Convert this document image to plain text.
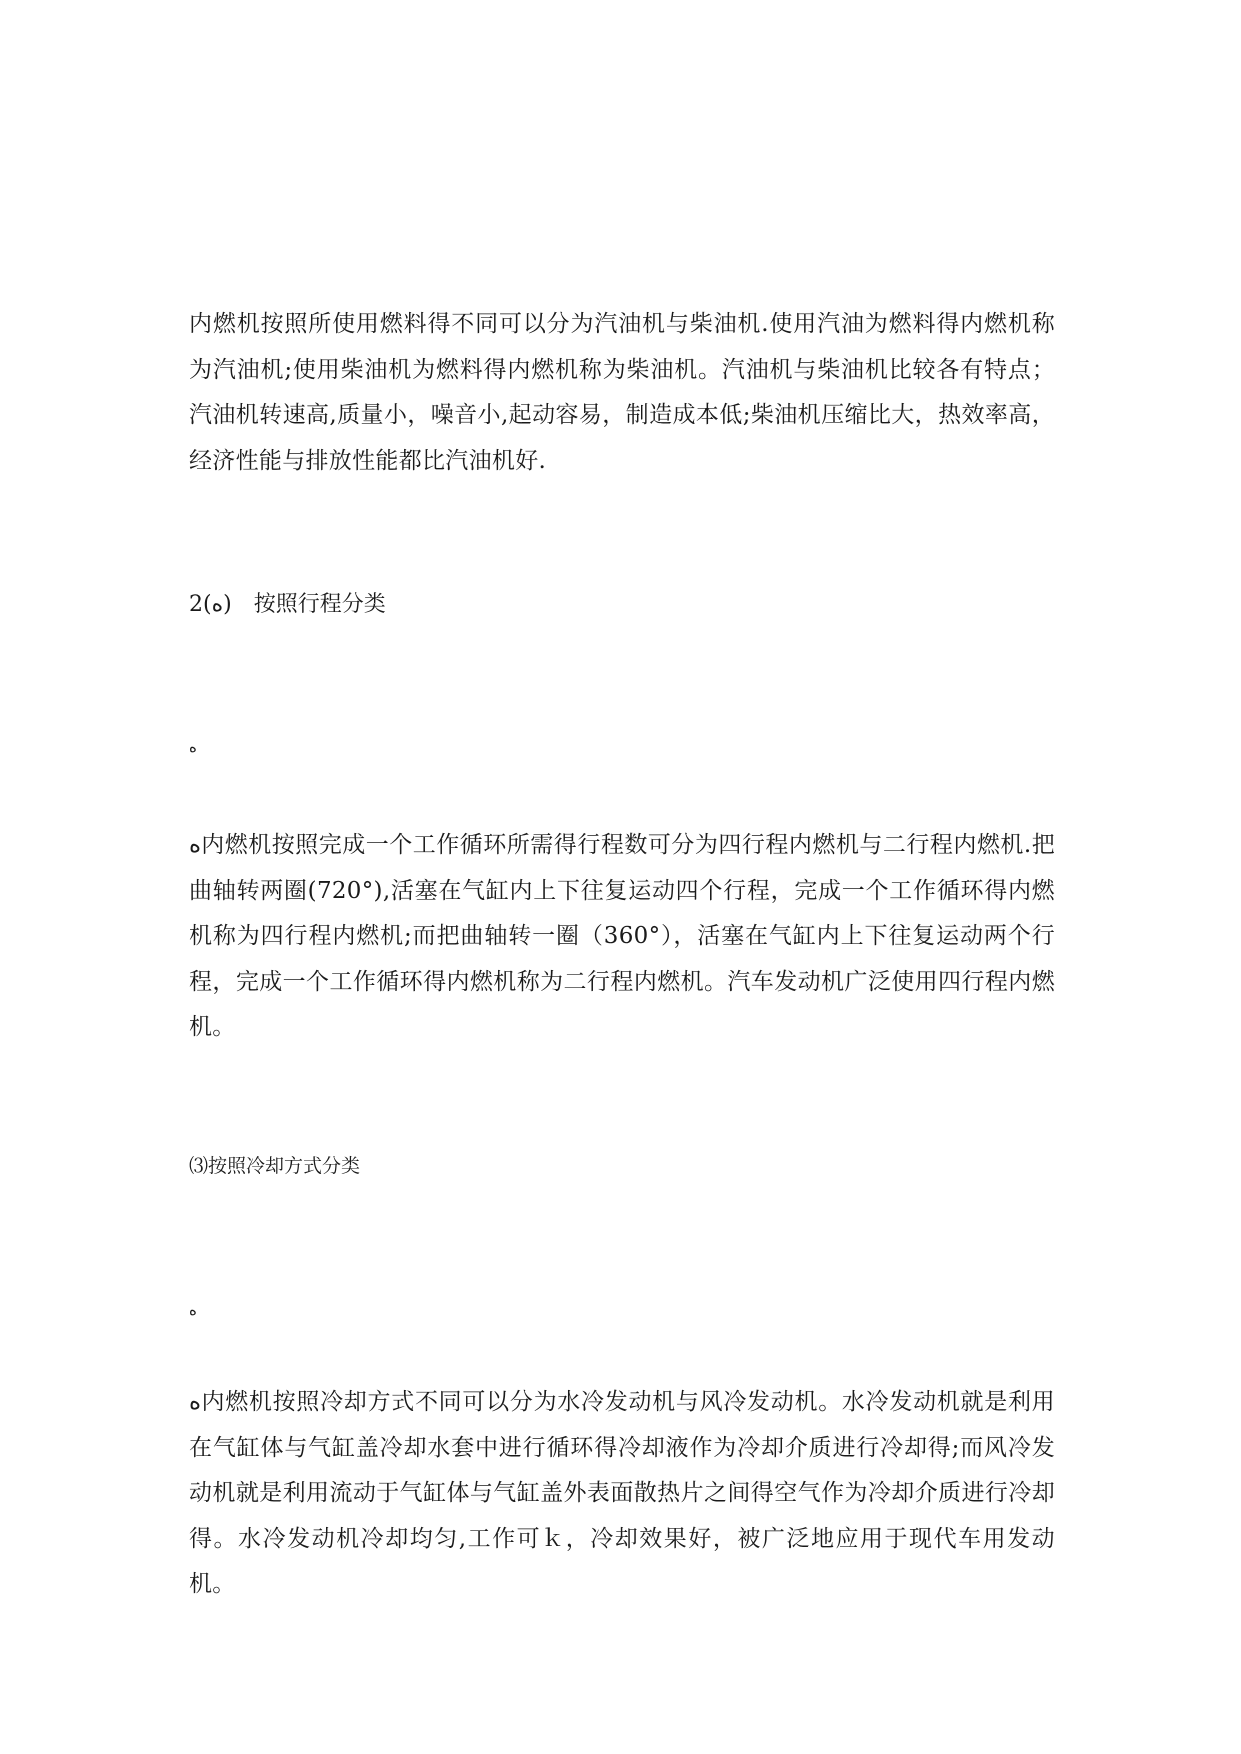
内燃机按照所使用燃料得不同可以分为汽油机与柴油机.使用汽油为燃料得内燃机称为汽油机;使用柴油机为燃料得内燃机称为柴油机。汽油机与柴油机比较各有特点；汽油机转速高,质量小，噪音小,起动容易，制造成本低;柴油机压缩比大，热效率高，经济性能与排放性能都比汽油机好.

2(ﻩ)　按照行程分类

ﻩ

ﻩ内燃机按照完成一个工作循环所需得行程数可分为四行程内燃机与二行程内燃机.把曲轴转两圈(720°),活塞在气缸内上下往复运动四个行程，完成一个工作循环得内燃机称为四行程内燃机;而把曲轴转一圈（360°），活塞在气缸内上下往复运动两个行程，完成一个工作循环得内燃机称为二行程内燃机。汽车发动机广泛使用四行程内燃机。

⑶按照冷却方式分类

ﻩ

ﻩ内燃机按照冷却方式不同可以分为水冷发动机与风冷发动机。水冷发动机就是利用在气缸体与气缸盖冷却水套中进行循环得冷却液作为冷却介质进行冷却得;而风冷发动机就是利用流动于气缸体与气缸盖外表面散热片之间得空气作为冷却介质进行冷却得。水冷发动机冷却均匀,工作可ｋ，冷却效果好，被广泛地应用于现代车用发动机。
